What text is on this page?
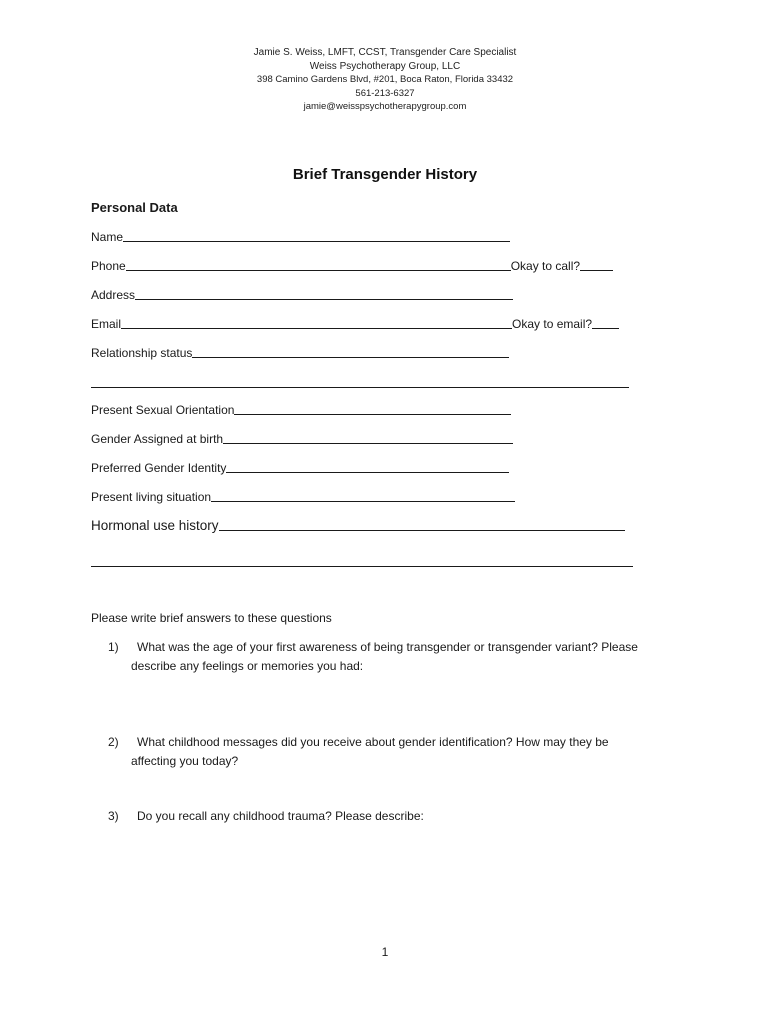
Jamie S. Weiss, LMFT, CCST, Transgender Care Specialist
Weiss Psychotherapy Group, LLC
398 Camino Gardens Blvd, #201, Boca Raton, Florida 33432
561-213-6327
jamie@weisspsychotherapygroup.com
Brief Transgender History
Personal Data
Name
Phone	Okay to call?
Address
Email	Okay to email?
Relationship status
Present Sexual Orientation
Gender Assigned at birth
Preferred Gender Identity
Present living situation
Hormonal use history
Please write brief answers to these questions
1) What was the age of your first awareness of being transgender or transgender variant? Please
describe any feelings or memories you had:
2) What childhood messages did you receive about gender identification? How may they be
affecting you today?
3) Do you recall any childhood trauma? Please describe:
1
